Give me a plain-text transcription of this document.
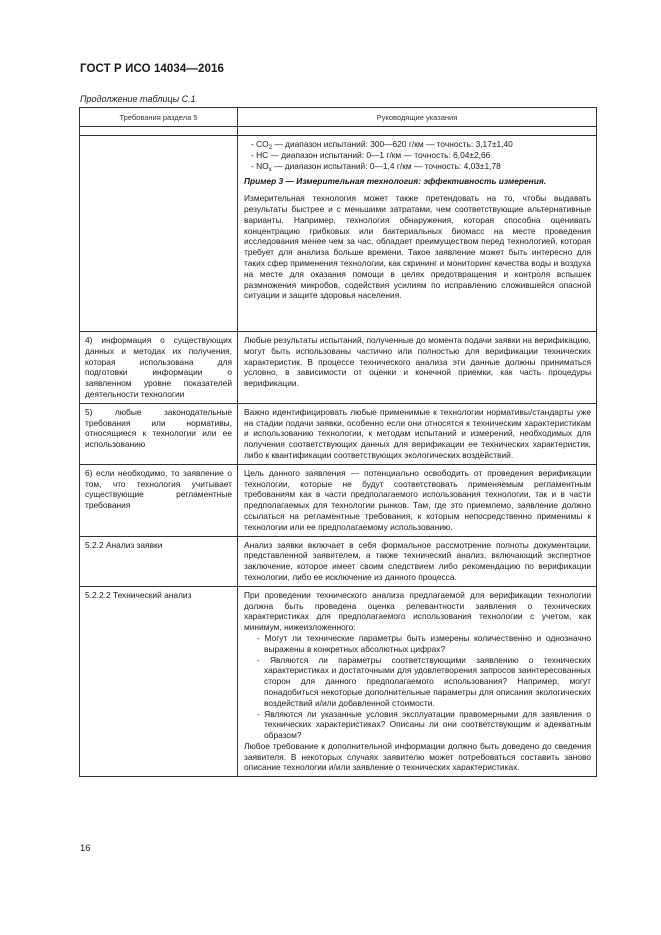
ГОСТ Р ИСО 14034—2016
Продолжение таблицы С.1
Требования раздела 5	Руководящие указания

	- $CO_2$ — диапазон испытаний: 300—620 г/км — точность: 3,17±1,40

- НС — диапазон испытаний: 0—1 г/км — точность: 6,04±2,66

- $NO_x$ — диапазон испытаний: 0—1,4 г/км — точность: 4,03±1,78

Пример 3 — Измерительная технология: эффективность измерения.

Измерительная технология может также претендовать на то, чтобы выдавать результаты быстрее и с меньшими затратами, чем соответствующие альтернативные варианты. Например, технология обнаружения, которая способна оценивать концентрацию грибковых или бактериальных биомасс на месте проведения исследования менее чем за час, обладает преимуществом перед технологией, которая требует для анализа больше времени. Такое заявление может быть интересно для таких сфер применения технологии, как скрининг и мониторинг качества воды и воздуха на месте для оказания помощи в целях предотвращения и контроля вспышек размножения микробов, содействия усилиям по исправлению сложившейся опасной ситуации и защите здоровья населения.

4) информация о существующих данных и методах их получения, которая использована для подготовки информации о заявленном уровне показателей деятельности технологии	Любые результаты испытаний, полученные до момента подачи заявки на верификацию, могут быть использованы частично или полностью для верификации технических характеристик. В процессе технического анализа эти данные должны приниматься условно, в зависимости от оценки и конечной приемки, как часть процедуры верификации.
5) любые законодательные требования или нормативы, относящиеся к технологии или ее использованию	Важно идентифицировать любые применимые к технологии нормативы/стандарты уже на стадии подачи заявки, особенно если они относятся к техническим характеристикам и использованию технологии, к методам испытаний и измерений, необходимых для получения соответствующих данных для верификации ее технических характеристик, либо к квантификации соответствующих экологических воздействий.
6) если необходимо, то заявление о том, что технология учитывает существующие регламентные требования	Цель данного заявления — потенциально освободить от проведения верификации технологии, которые не будут соответствовать применяемым регламентным требованиям как в части предполагаемого использования технологии, так и в части предполагаемых для технологии рынков. Там, где это приемлемо, заявление должно ссылаться на регламентные требования, к которым непосредственно применимы к технологии или ее предполагаемому использованию.
5.2.2 Анализ заявки	Анализ заявки включает в себя формальное рассмотрение полноты документации, представленной заявителем, а также технический анализ, включающий экспертное заключение, которое имеет своим следствием либо рекомендацию по верификации технологии, либо ее исключение из данного процесса.
5.2.2.2 Технический анализ	При проведении технического анализа предлагаемой для верификации технологии должна быть проведена оценка релевантности заявления о технических характеристиках для предполагаемого использования технологии с учетом, как минимум, нижеизложенного:

- Могут ли технические параметры быть измерены количественно и однозначно выражены в конкретных абсолютных цифрах?

- Являются ли параметры соответствующими заявлению о технических характеристиках и достаточными для удовлетворения запросов заинтересованных сторон для данного предполагаемого использования? Например, могут понадобиться некоторые дополнительные параметры для описания экологических воздействий и/или добавленной стоимости.

- Являются ли указанные условия эксплуатации правомерными для заявления о технических характеристиках? Описаны ли они соответствующим и адекватным образом?

Любое требование к дополнительной информации должно быть доведено до сведения заявителя. В некоторых случаях заявителю может потребоваться составить заново описание технологии и/или заявление о технических характеристиках.

16
